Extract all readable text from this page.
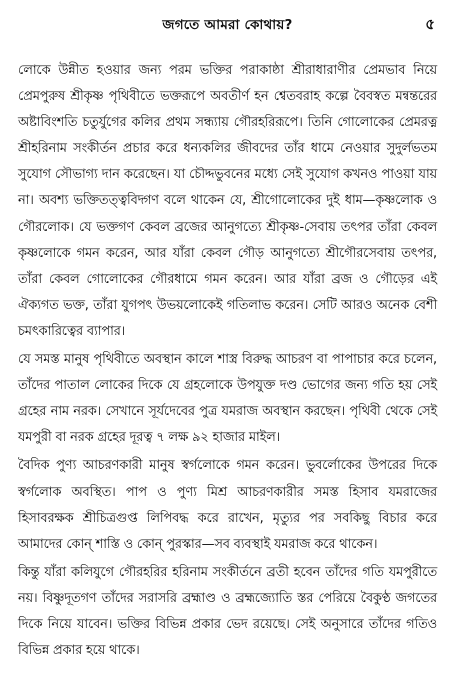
জগতে আমরা কোথায়?	৫

লোকে উন্নীত হওয়ার জন্য পরম ভক্তির পরাকাষ্ঠা শ্রীরাধারাণীর প্রেমভাব নিয়ে প্রেমপুরুষ শ্রীকৃষ্ণ পৃথিবীতে ভক্তরূপে অবতীর্ণ হন শ্বেতবরাহ কল্পে বৈবস্বত মন্বন্তরের অষ্টাবিংশতি চতুর্যুগের কলির প্রথম সন্ধ্যায় গৌরহরিরূপে। তিনি গোলোকের প্রেমরত্ন শ্রীহরিনাম সংকীর্তন প্রচার করে ধন্যকলির জীবদের তাঁর ধামে নেওয়ার সুদুর্লভতম সুযোগ সৌভাগ্য দান করেছেন। যা চৌদ্দভুবনের মধ্যে সেই সুযোগ কখনও পাওয়া যায় না। অবশ্য ভক্তিতত্ত্ববিদ্গণ বলে থাকেন যে, শ্রীগোলোকের দুই ধাম—কৃষ্ণলোক ও গৌরলোক। যে ভক্তগণ কেবল ব্রজের আনুগত্যে শ্রীকৃষ্ণ-সেবায় তৎপর তাঁরা কেবল কৃষ্ণলোকে গমন করেন, আর যাঁরা কেবল গৌড় আনুগত্যে শ্রীগৌরসেবায় তৎপর, তাঁরা কেবল গোলোকের গৌরধামে গমন করেন। আর যাঁরা ব্রজ ও গৌড়ের এই ঐক্যগত ভক্ত, তাঁরা যুগপৎ উভয়লোকেই গতিলাভ করেন। সেটি আরও অনেক বেশী চমৎকারিত্বের ব্যাপার।

যে সমস্ত মানুষ পৃথিবীতে অবস্থান কালে শাস্ত্র বিরুদ্ধ আচরণ বা পাপাচার করে চলেন, তাঁদের পাতাল লোকের দিকে যে গ্রহলোকে উপযুক্ত দণ্ড ভোগের জন্য গতি হয় সেই গ্রহের নাম নরক। সেখানে সূর্যদেবের পুত্র যমরাজ অবস্থান করছেন। পৃথিবী থেকে সেই যমপুরী বা নরক গ্রহের দূরত্ব ৭ লক্ষ ৯২ হাজার মাইল।

বৈদিক পুণ্য আচরণকারী মানুষ স্বর্গলোকে গমন করেন। ভুবর্লোকের উপরের দিকে স্বর্গলোক অবস্থিত। পাপ ও পুণ্য মিশ্র আচরণকারীর সমস্ত হিসাব যমরাজের হিসাবরক্ষক শ্রীচিত্রগুপ্ত লিপিবদ্ধ করে রাখেন, মৃত্যুর পর সবকিছু বিচার করে আমাদের কোন্ শাস্তি ও কোন্ পুরস্কার—সব ব্যবস্থাই যমরাজ করে থাকেন।

কিন্তু যাঁরা কলিযুগে গৌরহরির হরিনাম সংকীর্তনে ব্রতী হবেন তাঁদের গতি যমপুরীতে নয়। বিষ্ণুদূতগণ তাঁদের সরাসরি ব্রহ্মাণ্ড ও ব্রহ্মজ্যোতি স্তর পেরিয়ে বৈকুণ্ঠ জগতের দিকে নিয়ে যাবেন। ভক্তির বিভিন্ন প্রকার ভেদ রয়েছে। সেই অনুসারে তাঁদের গতিও বিভিন্ন প্রকার হয়ে থাকে।
